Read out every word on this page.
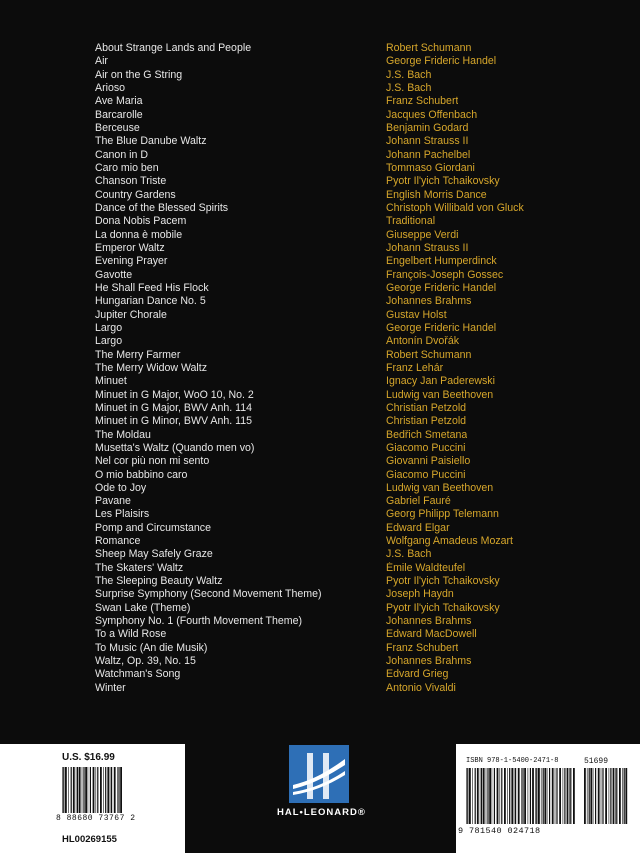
About Strange Lands and People	Robert Schumann
Air	George Frideric Handel
Air on the G String	J.S. Bach
Arioso	J.S. Bach
Ave Maria	Franz Schubert
Barcarolle	Jacques Offenbach
Berceuse	Benjamin Godard
The Blue Danube Waltz	Johann Strauss II
Canon in D	Johann Pachelbel
Caro mio ben	Tommaso Giordani
Chanson Triste	Pyotr Il'yich Tchaikovsky
Country Gardens	English Morris Dance
Dance of the Blessed Spirits	Christoph Willibald von Gluck
Dona Nobis Pacem	Traditional
La donna è mobile	Giuseppe Verdi
Emperor Waltz	Johann Strauss II
Evening Prayer	Engelbert Humperdinck
Gavotte	François-Joseph Gossec
He Shall Feed His Flock	George Frideric Handel
Hungarian Dance No. 5	Johannes Brahms
Jupiter Chorale	Gustav Holst
Largo	George Frideric Handel
Largo	Antonín Dvořák
The Merry Farmer	Robert Schumann
The Merry Widow Waltz	Franz Lehár
Minuet	Ignacy Jan Paderewski
Minuet in G Major, WoO 10, No. 2	Ludwig van Beethoven
Minuet in G Major, BWV Anh. 114	Christian Petzold
Minuet in G Minor, BWV Anh. 115	Christian Petzold
The Moldau	Bedřich Smetana
Musetta's Waltz (Quando men vo)	Giacomo Puccini
Nel cor più non mi sento	Giovanni Paisiello
O mio babbino caro	Giacomo Puccini
Ode to Joy	Ludwig van Beethoven
Pavane	Gabriel Fauré
Les Plaisirs	Georg Philipp Telemann
Pomp and Circumstance	Edward Elgar
Romance	Wolfgang Amadeus Mozart
Sheep May Safely Graze	J.S. Bach
The Skaters' Waltz	Émile Waldteufel
The Sleeping Beauty Waltz	Pyotr Il'yich Tchaikovsky
Surprise Symphony (Second Movement Theme)	Joseph Haydn
Swan Lake (Theme)	Pyotr Il'yich Tchaikovsky
Symphony No. 1 (Fourth Movement Theme)	Johannes Brahms
To a Wild Rose	Edward MacDowell
To Music (An die Musik)	Franz Schubert
Waltz, Op. 39, No. 15	Johannes Brahms
Watchman's Song	Edvard Grieg
Winter	Antonio Vivaldi
U.S. $16.99
8 88680 73767 2
HL00269155
HAL•LEONARD®
ISBN 978-1-5400-2471-8
9 781540 024718
51699
